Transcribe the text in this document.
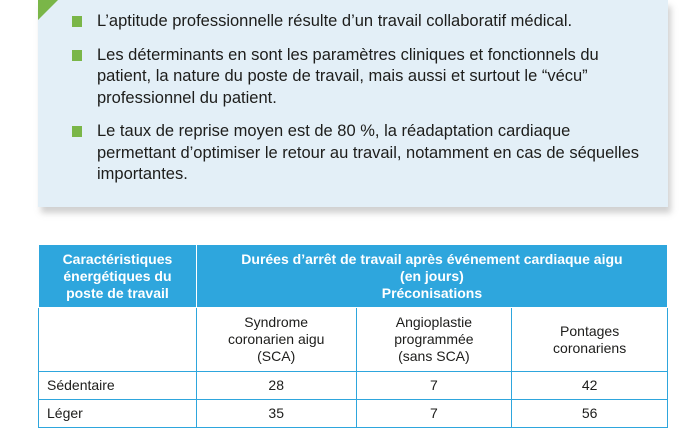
L’aptitude professionnelle résulte d’un travail collaboratif médical.
Les déterminants en sont les paramètres cliniques et fonctionnels du patient, la nature du poste de travail, mais aussi et surtout le “vécu” professionnel du patient.
Le taux de reprise moyen est de 80 %, la réadaptation cardiaque permettant d’optimiser le retour au travail, notamment en cas de séquelles importantes.
Caractéristiques
énergétiques du
poste de travail	Durées d’arrêt de travail après événement cardiaque aigu
(en jours)
Préconisations		

	Syndrome
coronarien aigu
(SCA)	Angioplastie
programmée
(sans SCA)	Pontages
coronariens

Sédentaire	28	7	42
Léger	35	7	56
